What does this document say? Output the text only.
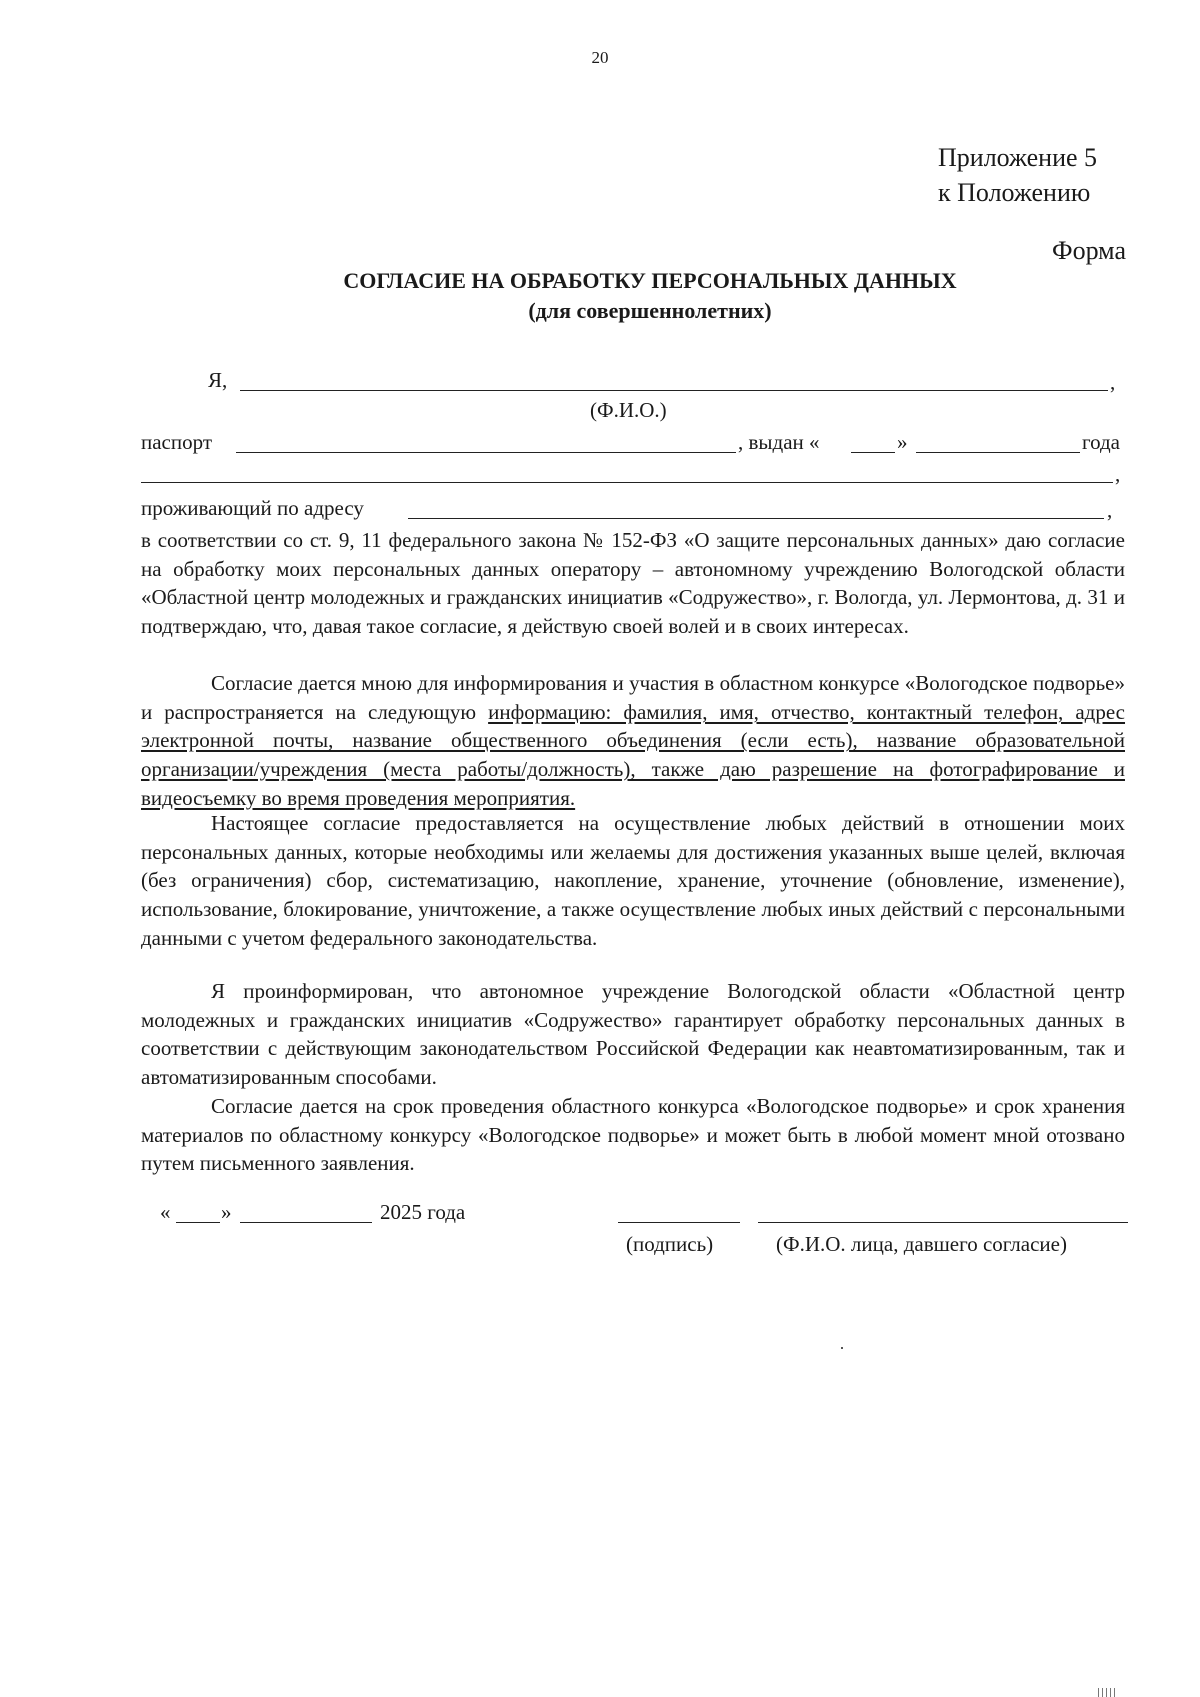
20
Приложение 5
к Положению
Форма
СОГЛАСИЕ НА ОБРАБОТКУ ПЕРСОНАЛЬНЫХ ДАННЫХ
(для совершеннолетних)
Я,	,
(Ф.И.О.)
паспорт	, выдан «	»	года
,
проживающий по адресу	,

в соответствии со ст. 9, 11 федерального закона № 152-ФЗ «О защите персональных данных» даю согласие на обработку моих персональных данных оператору – автономному учреждению Вологодской области «Областной центр молодежных и гражданских инициатив «Содружество», г. Вологда, ул. Лермонтова, д. 31 и подтверждаю, что, давая такое согласие, я действую своей волей и в своих интересах.

Согласие дается мною для информирования и участия в областном конкурсе «Вологодское подворье» и распространяется на следующую информацию: фамилия, имя, отчество, контактный телефон, адрес электронной почты, название общественного объединения (если есть), название образовательной организации/учреждения (места работы/должность), также даю разрешение на фотографирование и видеосъемку во время проведения мероприятия.

Настоящее согласие предоставляется на осуществление любых действий в отношении моих персональных данных, которые необходимы или желаемы для достижения указанных выше целей, включая (без ограничения) сбор, систематизацию, накопление, хранение, уточнение (обновление, изменение), использование, блокирование, уничтожение, а также осуществление любых иных действий с персональными данными с учетом федерального законодательства.

Я проинформирован, что автономное учреждение Вологодской области «Областной центр молодежных и гражданских инициатив «Содружество» гарантирует обработку персональных данных в соответствии с действующим законодательством Российской Федерации как неавтоматизированным, так и автоматизированным способами.

Согласие дается на срок проведения областного конкурса «Вологодское подворье» и срок хранения материалов по областному конкурсу «Вологодское подворье» и может быть в любой момент мной отозвано путем письменного заявления.

« »	2025 года
(подпись)	(Ф.И.О. лица, давшего согласие)
